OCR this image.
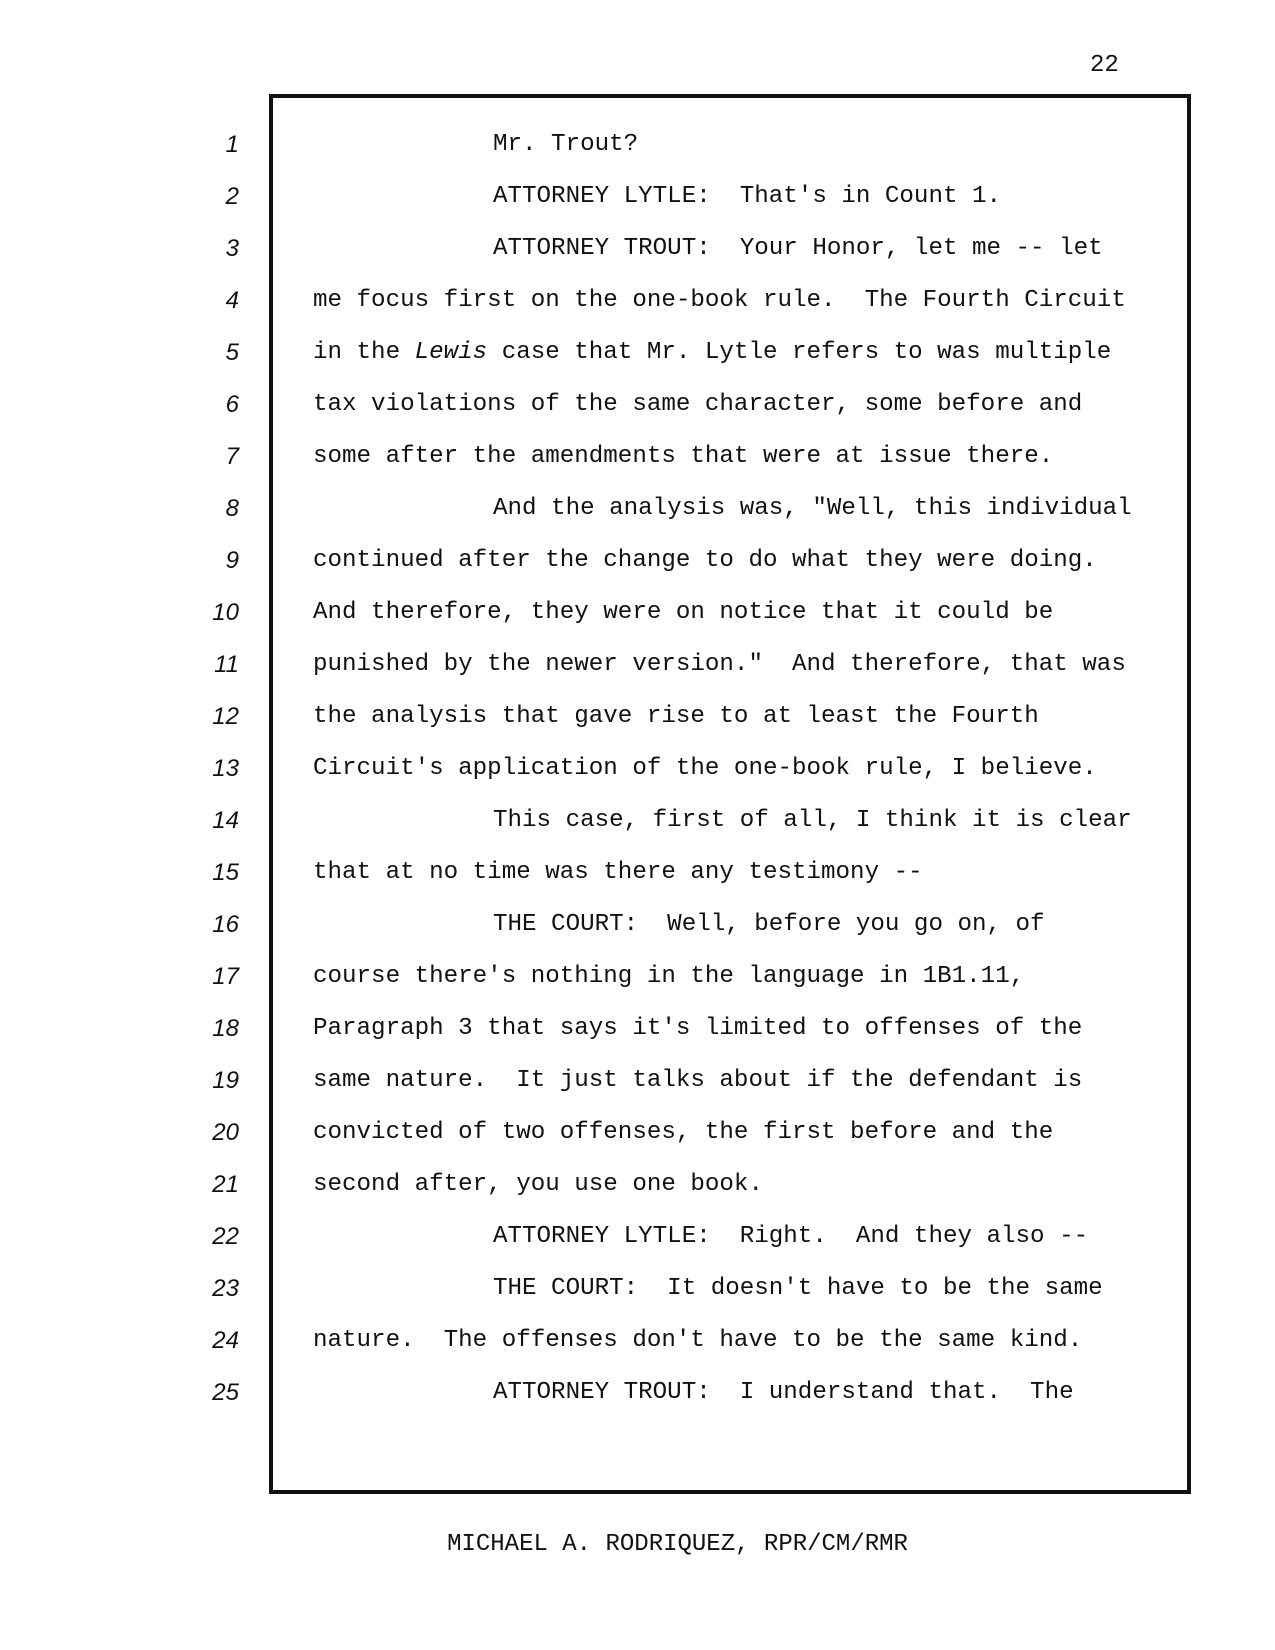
22
1
2
3
4
5
6
7
8
9
10
11
12
13
14
15
16
17
18
19
20
21
22
23
24
25
Mr. Trout?
ATTORNEY LYTLE:  That's in Count 1.
ATTORNEY TROUT:  Your Honor, let me -- let
me focus first on the one-book rule.  The Fourth Circuit
in the Lewis case that Mr. Lytle refers to was multiple
tax violations of the same character, some before and
some after the amendments that were at issue there.
And the analysis was, "Well, this individual
continued after the change to do what they were doing.
And therefore, they were on notice that it could be
punished by the newer version."  And therefore, that was
the analysis that gave rise to at least the Fourth
Circuit's application of the one-book rule, I believe.
This case, first of all, I think it is clear
that at no time was there any testimony --
THE COURT:  Well, before you go on, of
course there's nothing in the language in 1B1.11,
Paragraph 3 that says it's limited to offenses of the
same nature.  It just talks about if the defendant is
convicted of two offenses, the first before and the
second after, you use one book.
ATTORNEY LYTLE:  Right.  And they also --
THE COURT:  It doesn't have to be the same
nature.  The offenses don't have to be the same kind.
ATTORNEY TROUT:  I understand that.  The
MICHAEL A. RODRIQUEZ, RPR/CM/RMR
